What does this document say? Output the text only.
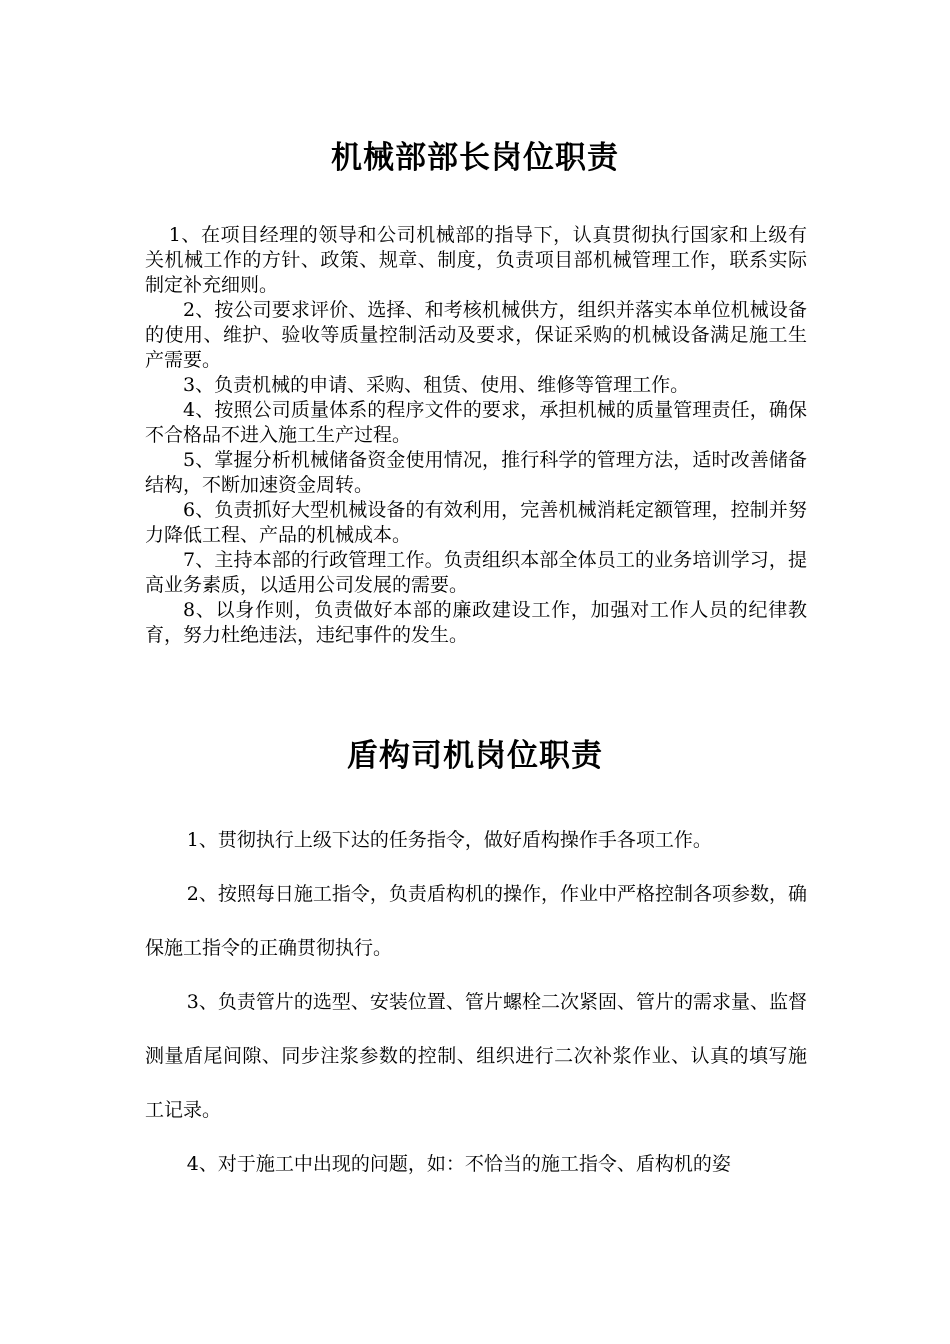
机械部部长岗位职责

1、在项目经理的领导和公司机械部的指导下，认真贯彻执行国家和上级有关机械工作的方针、政策、规章、制度，负责项目部机械管理工作，联系实际制定补充细则。

2、按公司要求评价、选择、和考核机械供方，组织并落实本单位机械设备的使用、维护、验收等质量控制活动及要求，保证采购的机械设备满足施工生产需要。

3、负责机械的申请、采购、租赁、使用、维修等管理工作。

4、按照公司质量体系的程序文件的要求，承担机械的质量管理责任，确保不合格品不进入施工生产过程。

5、掌握分析机械储备资金使用情况，推行科学的管理方法，适时改善储备结构，不断加速资金周转。

6、负责抓好大型机械设备的有效利用，完善机械消耗定额管理，控制并努力降低工程、产品的机械成本。

7、主持本部的行政管理工作。负责组织本部全体员工的业务培训学习，提高业务素质，以适用公司发展的需要。

8、以身作则，负责做好本部的廉政建设工作，加强对工作人员的纪律教育，努力杜绝违法，违纪事件的发生。

盾构司机岗位职责

1、贯彻执行上级下达的任务指令，做好盾构操作手各项工作。

2、按照每日施工指令，负责盾构机的操作，作业中严格控制各项参数，确保施工指令的正确贯彻执行。

3、负责管片的选型、安装位置、管片螺栓二次紧固、管片的需求量、监督测量盾尾间隙、同步注浆参数的控制、组织进行二次补浆作业、认真的填写施工记录。

4、对于施工中出现的问题，如：不恰当的施工指令、盾构机的姿
